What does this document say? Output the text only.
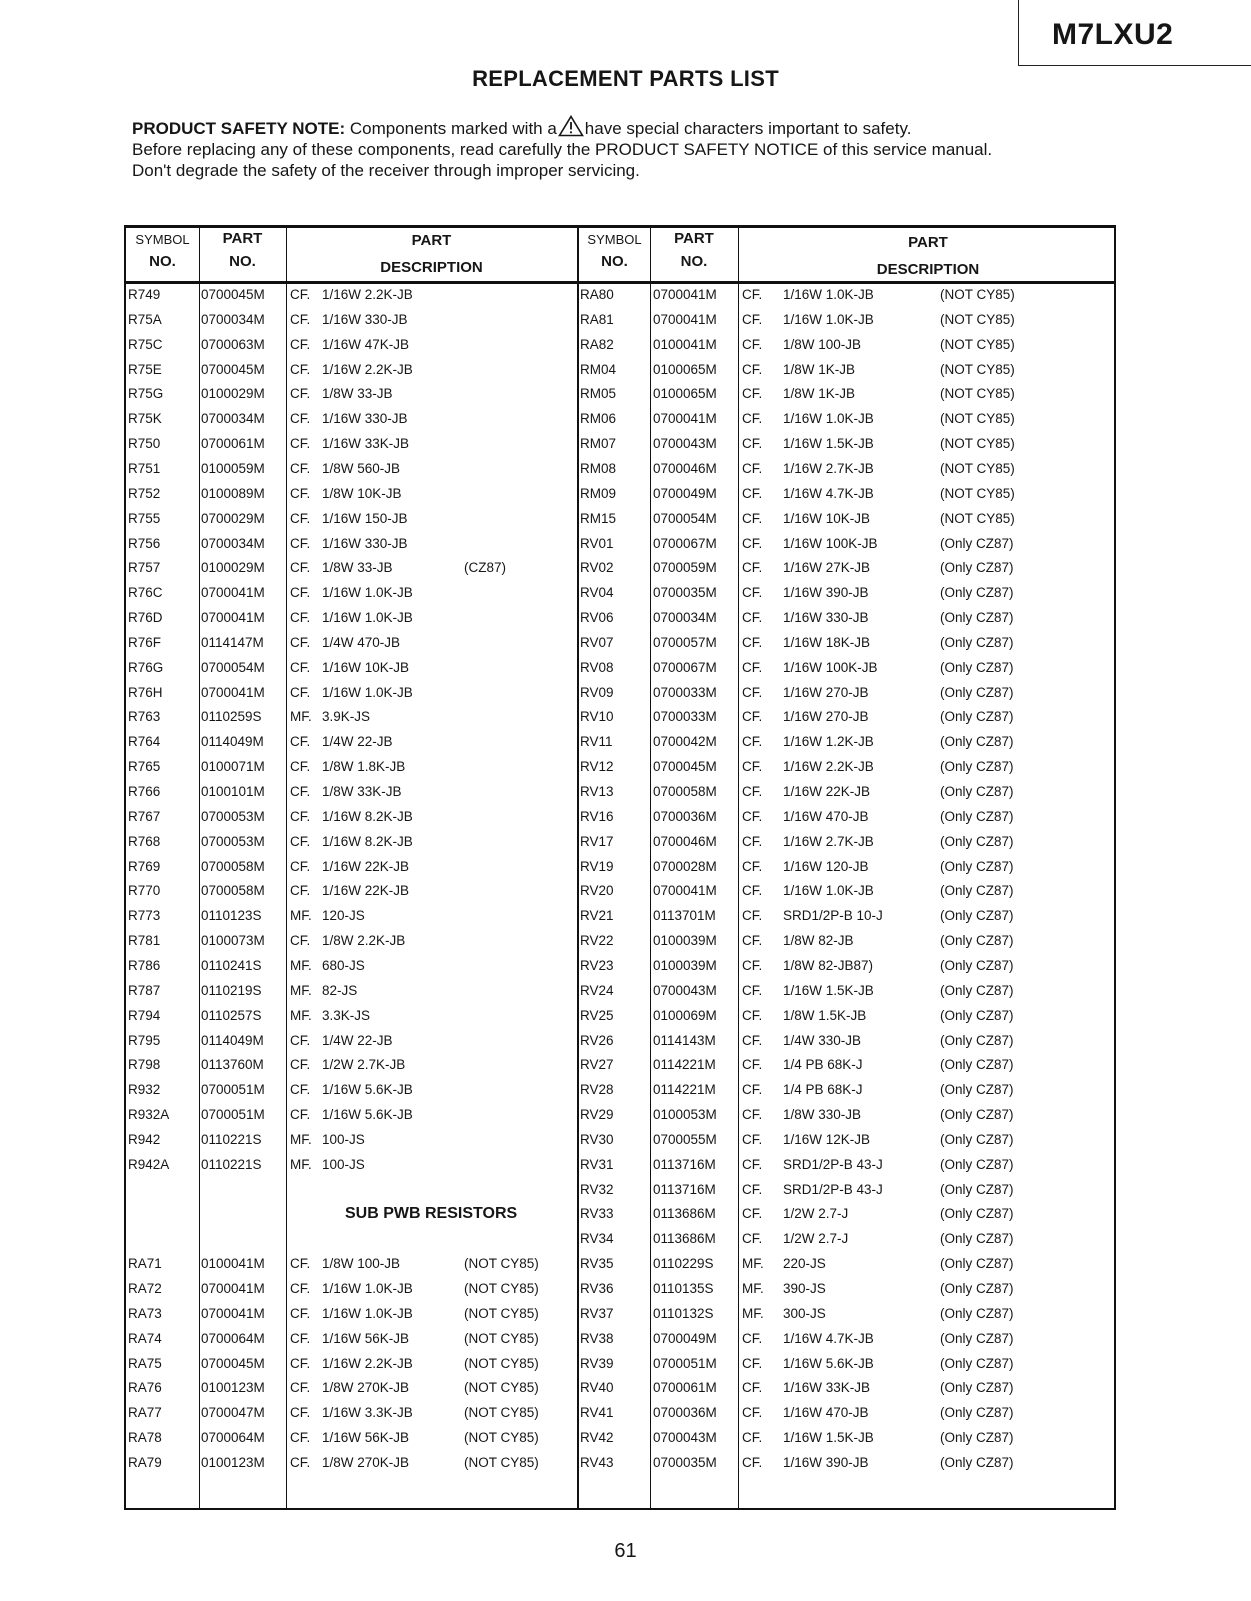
M7LXU2
REPLACEMENT PARTS LIST
PRODUCT SAFETY NOTE: Components marked with a have special characters important to safety.
Before replacing any of these components, read carefully the PRODUCT SAFETY NOTICE of this service manual.
Don't degrade the safety of the receiver through improper servicing.
SYMBOL
NO.
PART
NO.
PART
DESCRIPTION
SYMBOL
NO.
PART
NO.
PART
DESCRIPTION
R749	0700045M CF. 1/16W 2.2K-JB
R75A	0700034M CF. 1/16W 330-JB
R75C	0700063M CF. 1/16W 47K-JB
R75E	0700045M CF. 1/16W 2.2K-JB
R75G	0100029M CF. 1/8W 33-JB
R75K	0700034M CF. 1/16W 330-JB
R750	0700061M CF. 1/16W 33K-JB
R751	0100059M CF. 1/8W 560-JB
R752	0100089M CF. 1/8W 10K-JB
R755	0700029M CF. 1/16W 150-JB
R756	0700034M CF. 1/16W 330-JB
R757	0100029M CF. 1/8W 33-JB	(CZ87)
R76C	0700041M CF. 1/16W 1.0K-JB
R76D	0700041M CF. 1/16W 1.0K-JB
R76F	0114147M CF. 1/4W 470-JB
R76G	0700054M CF. 1/16W 10K-JB
R76H	0700041M CF. 1/16W 1.0K-JB
R763	0110259S MF. 3.9K-JS
R764	0114049M CF. 1/4W 22-JB
R765	0100071M CF. 1/8W 1.8K-JB
R766	0100101M CF. 1/8W 33K-JB
R767	0700053M CF. 1/16W 8.2K-JB
R768	0700053M CF. 1/16W 8.2K-JB
R769	0700058M CF. 1/16W 22K-JB
R770	0700058M CF. 1/16W 22K-JB
R773	0110123S MF. 120-JS
R781	0100073M CF. 1/8W 2.2K-JB
R786	0110241S MF. 680-JS
R787	0110219S MF. 82-JS
R794	0110257S MF. 3.3K-JS
R795	0114049M CF. 1/4W 22-JB
R798	0113760M CF. 1/2W 2.7K-JB
R932	0700051M CF. 1/16W 5.6K-JB
R932A 0700051M CF. 1/16W 5.6K-JB
R942	0110221S MF. 100-JS
R942A 0110221S MF. 100-JS
SUB PWB RESISTORS
RA71	0100041M CF. 1/8W 100-JB	(NOT CY85)
RA72	0700041M CF. 1/16W 1.0K-JB	(NOT CY85)
RA73	0700041M CF. 1/16W 1.0K-JB	(NOT CY85)
RA74	0700064M CF. 1/16W 56K-JB	(NOT CY85)
RA75	0700045M CF. 1/16W 2.2K-JB	(NOT CY85)
RA76	0100123M CF. 1/8W 270K-JB	(NOT CY85)
RA77	0700047M CF. 1/16W 3.3K-JB	(NOT CY85)
RA78	0700064M CF. 1/16W 56K-JB	(NOT CY85)
RA79	0100123M CF. 1/8W 270K-JB	(NOT CY85)
RA80	0700041M CF. 1/16W 1.0K-JB	(NOT CY85)
RA81	0700041M CF. 1/16W 1.0K-JB	(NOT CY85)
RA82	0100041M CF. 1/8W 100-JB	(NOT CY85)
RM04	0100065M CF. 1/8W 1K-JB	(NOT CY85)
RM05	0100065M CF. 1/8W 1K-JB	(NOT CY85)
RM06	0700041M CF. 1/16W 1.0K-JB	(NOT CY85)
RM07	0700043M CF. 1/16W 1.5K-JB	(NOT CY85)
RM08	0700046M CF. 1/16W 2.7K-JB	(NOT CY85)
RM09	0700049M CF. 1/16W 4.7K-JB	(NOT CY85)
RM15	0700054M CF. 1/16W 10K-JB	(NOT CY85)
RV01	0700067M CF. 1/16W 100K-JB	(Only CZ87)
RV02	0700059M CF. 1/16W 27K-JB	(Only CZ87)
RV04	0700035M CF. 1/16W 390-JB	(Only CZ87)
RV06	0700034M CF. 1/16W 330-JB	(Only CZ87)
RV07	0700057M CF. 1/16W 18K-JB	(Only CZ87)
RV08	0700067M CF. 1/16W 100K-JB	(Only CZ87)
RV09	0700033M CF. 1/16W 270-JB	(Only CZ87)
RV10	0700033M CF. 1/16W 270-JB	(Only CZ87)
RV11	0700042M CF. 1/16W 1.2K-JB	(Only CZ87)
RV12	0700045M CF. 1/16W 2.2K-JB	(Only CZ87)
RV13	0700058M CF. 1/16W 22K-JB	(Only CZ87)
RV16	0700036M CF. 1/16W 470-JB	(Only CZ87)
RV17	0700046M CF. 1/16W 2.7K-JB	(Only CZ87)
RV19	0700028M CF. 1/16W 120-JB	(Only CZ87)
RV20	0700041M CF. 1/16W 1.0K-JB	(Only CZ87)
RV21	0113701M CF. SRD1/2P-B 10-J	(Only CZ87)
RV22	0100039M CF. 1/8W 82-JB	(Only CZ87)
RV23	0100039M CF. 1/8W 82-JB87)	(Only CZ87)
RV24	0700043M CF. 1/16W 1.5K-JB	(Only CZ87)
RV25	0100069M CF. 1/8W 1.5K-JB	(Only CZ87)
RV26	0114143M CF. 1/4W 330-JB	(Only CZ87)
RV27	0114221M CF. 1/4 PB 68K-J	(Only CZ87)
RV28	0114221M CF. 1/4 PB 68K-J	(Only CZ87)
RV29	0100053M CF. 1/8W 330-JB	(Only CZ87)
RV30	0700055M CF. 1/16W 12K-JB	(Only CZ87)
RV31	0113716M CF. SRD1/2P-B 43-J	(Only CZ87)
RV32	0113716M CF. SRD1/2P-B 43-J	(Only CZ87)
RV33	0113686M CF. 1/2W 2.7-J	(Only CZ87)
RV34	0113686M CF. 1/2W 2.7-J	(Only CZ87)
RV35	0110229S MF. 220-JS	(Only CZ87)
RV36	0110135S MF. 390-JS	(Only CZ87)
RV37	0110132S MF. 300-JS	(Only CZ87)
RV38	0700049M CF. 1/16W 4.7K-JB	(Only CZ87)
RV39	0700051M CF. 1/16W 5.6K-JB	(Only CZ87)
RV40	0700061M CF. 1/16W 33K-JB	(Only CZ87)
RV41	0700036M CF. 1/16W 470-JB	(Only CZ87)
RV42	0700043M CF. 1/16W 1.5K-JB	(Only CZ87)
RV43	0700035M CF. 1/16W 390-JB	(Only CZ87)
61
